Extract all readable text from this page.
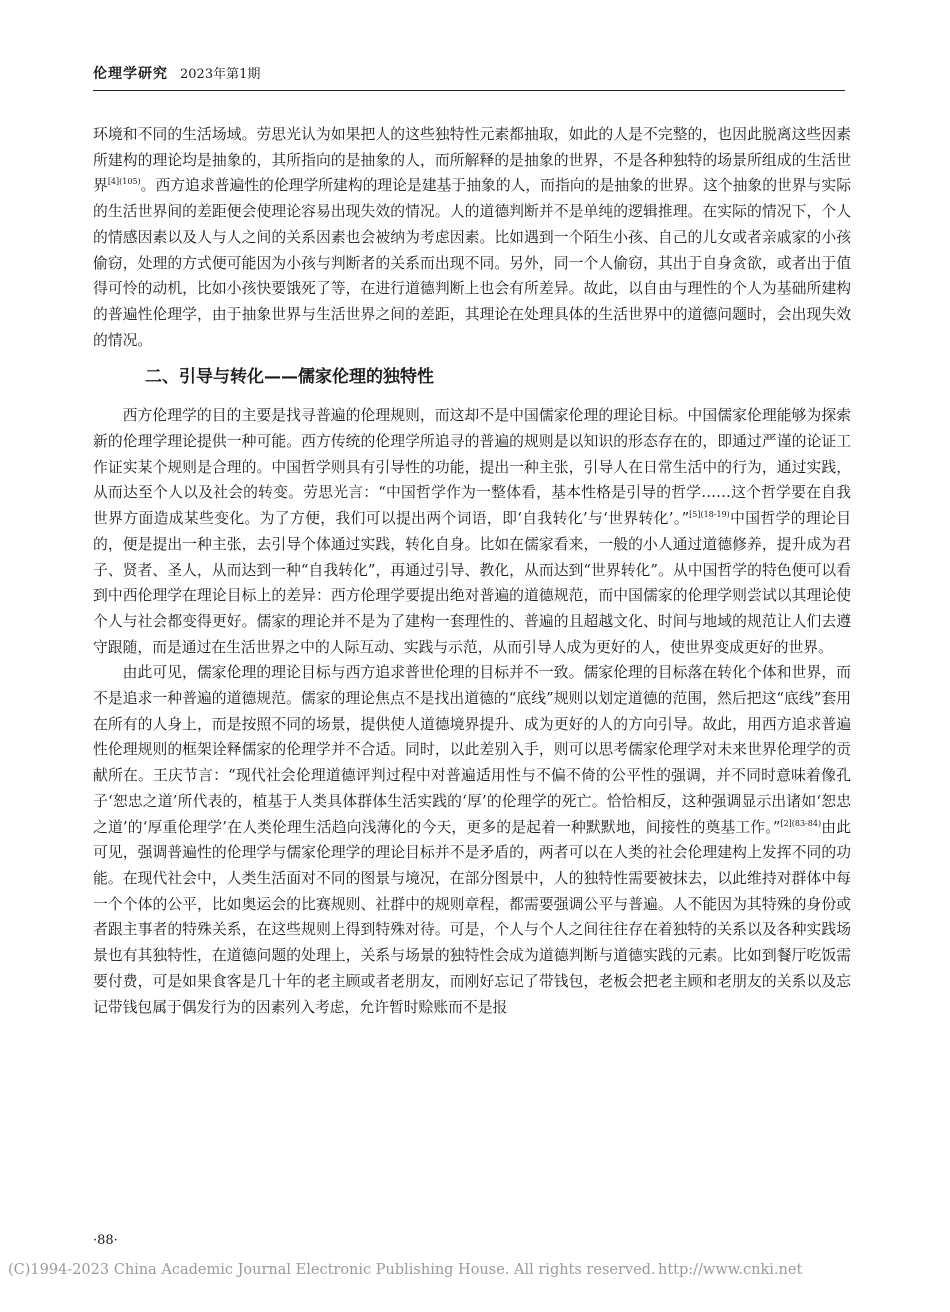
伦理学研究 2023年第1期

环境和不同的生活场域。劳思光认为如果把人的这些独特性元素都抽取，如此的人是不完整的，也因此脱离这些因素所建构的理论均是抽象的，其所指向的是抽象的人，而所解释的是抽象的世界，不是各种独特的场景所组成的生活世界$^{[4](105)}$。西方追求普遍性的伦理学所建构的理论是建基于抽象的人，而指向的是抽象的世界。这个抽象的世界与实际的生活世界间的差距便会使理论容易出现失效的情况。人的道德判断并不是单纯的逻辑推理。在实际的情况下，个人的情感因素以及人与人之间的关系因素也会被纳为考虑因素。比如遇到一个陌生小孩、自己的儿女或者亲戚家的小孩偷窃，处理的方式便可能因为小孩与判断者的关系而出现不同。另外，同一个人偷窃，其出于自身贪欲，或者出于值得可怜的动机，比如小孩快要饿死了等，在进行道德判断上也会有所差异。故此，以自由与理性的个人为基础所建构的普遍性伦理学，由于抽象世界与生活世界之间的差距，其理论在处理具体的生活世界中的道德问题时，会出现失效的情况。

二、引导与转化——儒家伦理的独特性

西方伦理学的目的主要是找寻普遍的伦理规则，而这却不是中国儒家伦理的理论目标。中国儒家伦理能够为探索新的伦理学理论提供一种可能。西方传统的伦理学所追寻的普遍的规则是以知识的形态存在的，即通过严谨的论证工作证实某个规则是合理的。中国哲学则具有引导性的功能，提出一种主张，引导人在日常生活中的行为，通过实践，从而达至个人以及社会的转变。劳思光言：“中国哲学作为一整体看，基本性格是引导的哲学……这个哲学要在自我世界方面造成某些变化。为了方便，我们可以提出两个词语，即‘自我转化’与‘世界转化’。”$^{[5](18-19)}$中国哲学的理论目的，便是提出一种主张，去引导个体通过实践，转化自身。比如在儒家看来，一般的小人通过道德修养，提升成为君子、贤者、圣人，从而达到一种“自我转化”，再通过引导、教化，从而达到“世界转化”。从中国哲学的特色便可以看到中西伦理学在理论目标上的差异：西方伦理学要提出绝对普遍的道德规范，而中国儒家的伦理学则尝试以其理论使个人与社会都变得更好。儒家的理论并不是为了建构一套理性的、普遍的且超越文化、时间与地域的规范让人们去遵守跟随，而是通过在生活世界之中的人际互动、实践与示范，从而引导人成为更好的人，使世界变成更好的世界。

由此可见，儒家伦理的理论目标与西方追求普世伦理的目标并不一致。儒家伦理的目标落在转化个体和世界，而不是追求一种普遍的道德规范。儒家的理论焦点不是找出道德的“底线”规则以划定道德的范围，然后把这“底线”套用在所有的人身上，而是按照不同的场景，提供使人道德境界提升、成为更好的人的方向引导。故此，用西方追求普遍性伦理规则的框架诠释儒家的伦理学并不合适。同时，以此差别入手，则可以思考儒家伦理学对未来世界伦理学的贡献所在。王庆节言：“现代社会伦理道德评判过程中对普遍适用性与不偏不倚的公平性的强调，并不同时意味着像孔子‘恕忠之道’所代表的，植基于人类具体群体生活实践的‘厚’的伦理学的死亡。恰恰相反，这种强调显示出诸如‘恕忠之道’的‘厚重伦理学’在人类伦理生活趋向浅薄化的今天，更多的是起着一种默默地，间接性的奠基工作。”$^{[2](83-84)}$由此可见，强调普遍性的伦理学与儒家伦理学的理论目标并不是矛盾的，两者可以在人类的社会伦理建构上发挥不同的功能。在现代社会中，人类生活面对不同的图景与境况，在部分图景中，人的独特性需要被抹去，以此维持对群体中每一个个体的公平，比如奥运会的比赛规则、社群中的规则章程，都需要强调公平与普遍。人不能因为其特殊的身份或者跟主事者的特殊关系，在这些规则上得到特殊对待。可是，个人与个人之间往往存在着独特的关系以及各种实践场景也有其独特性，在道德问题的处理上，关系与场景的独特性会成为道德判断与道德实践的元素。比如到餐厅吃饭需要付费，可是如果食客是几十年的老主顾或者老朋友，而刚好忘记了带钱包，老板会把老主顾和老朋友的关系以及忘记带钱包属于偶发行为的因素列入考虑，允许暂时赊账而不是报

·88·
(C)1994-2023 China Academic Journal Electronic Publishing House. All rights reserved. http://www.cnki.net
